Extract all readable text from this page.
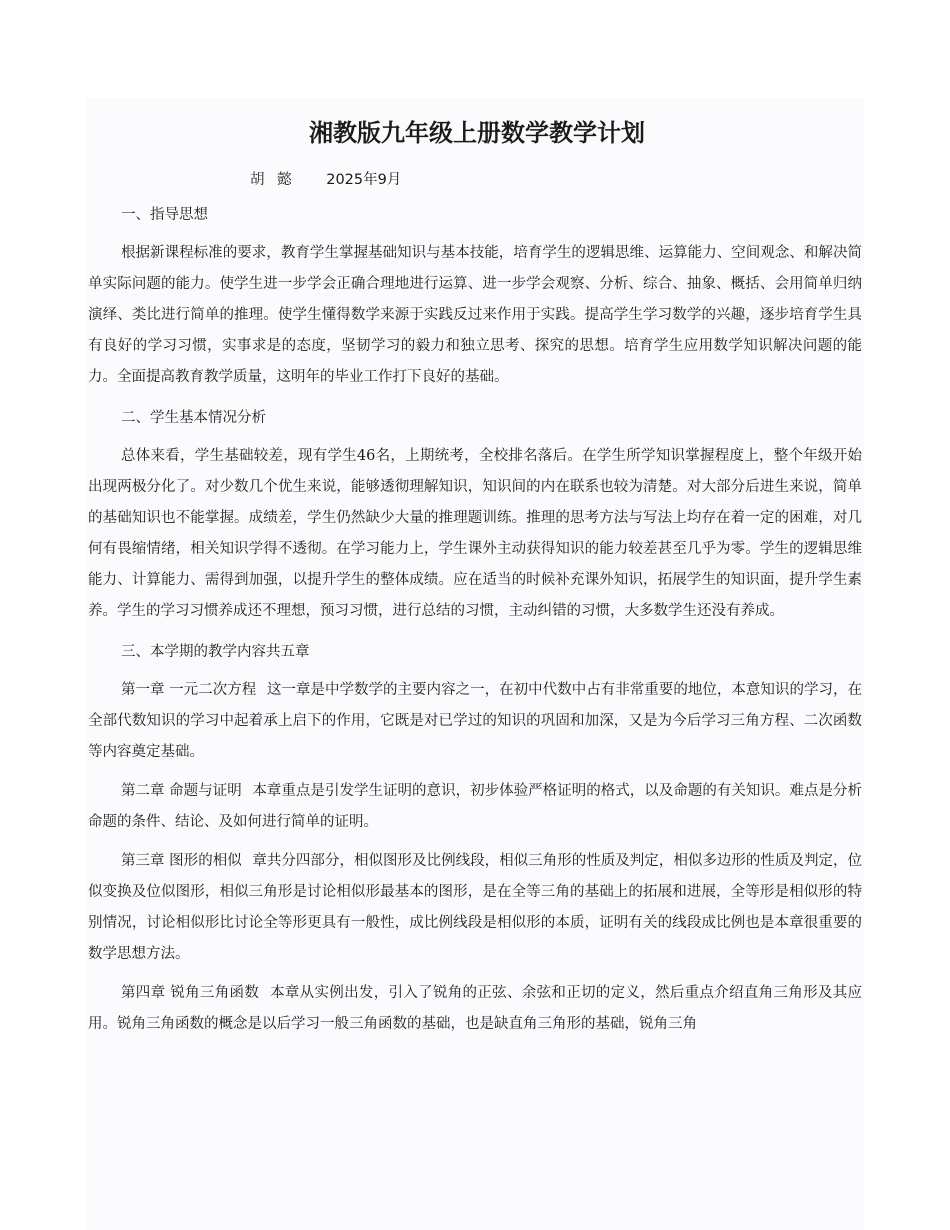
湘教版九年级上册数学教学计划
胡 懿 2025年9月

一、指导思想

根据新课程标准的要求，教育学生掌握基础知识与基本技能，培育学生的逻辑思维、运算能力、空间观念、和解决简单实际问题的能力。使学生进一步学会正确合理地进行运算、进一步学会观察、分析、综合、抽象、概括、会用简单归纳演绎、类比进行简单的推理。使学生懂得数学来源于实践反过来作用于实践。提高学生学习数学的兴趣，逐步培育学生具有良好的学习习惯，实事求是的态度，坚韧学习的毅力和独立思考、探究的思想。培育学生应用数学知识解决问题的能力。全面提高教育教学质量，这明年的毕业工作打下良好的基础。

二、学生基本情况分析

总体来看，学生基础较差，现有学生46名，上期统考，全校排名落后。在学生所学知识掌握程度上，整个年级开始出现两极分化了。对少数几个优生来说，能够透彻理解知识，知识间的内在联系也较为清楚。对大部分后进生来说，简单的基础知识也不能掌握。成绩差，学生仍然缺少大量的推理题训练。推理的思考方法与写法上均存在着一定的困难，对几何有畏缩情绪，相关知识学得不透彻。在学习能力上，学生课外主动获得知识的能力较差甚至几乎为零。学生的逻辑思维能力、计算能力、需得到加强，以提升学生的整体成绩。应在适当的时候补充课外知识，拓展学生的知识面，提升学生素养。学生的学习习惯养成还不理想，预习习惯，进行总结的习惯，主动纠错的习惯，大多数学生还没有养成。

三、本学期的教学内容共五章

第一章 一元二次方程 这一章是中学数学的主要内容之一，在初中代数中占有非常重要的地位，本意知识的学习，在全部代数知识的学习中起着承上启下的作用，它既是对已学过的知识的巩固和加深，又是为今后学习三角方程、二次函数等内容奠定基础。

第二章 命题与证明 本章重点是引发学生证明的意识，初步体验严格证明的格式，以及命题的有关知识。难点是分析命题的条件、结论、及如何进行简单的证明。

第三章 图形的相似 章共分四部分，相似图形及比例线段，相似三角形的性质及判定，相似多边形的性质及判定，位似变换及位似图形，相似三角形是讨论相似形最基本的图形，是在全等三角的基础上的拓展和进展，全等形是相似形的特别情况，讨论相似形比讨论全等形更具有一般性，成比例线段是相似形的本质，证明有关的线段成比例也是本章很重要的数学思想方法。

第四章 锐角三角函数 本章从实例出发，引入了锐角的正弦、余弦和正切的定义，然后重点介绍直角三角形及其应用。锐角三角函数的概念是以后学习一般三角函数的基础，也是缺直角三角形的基础，锐角三角
